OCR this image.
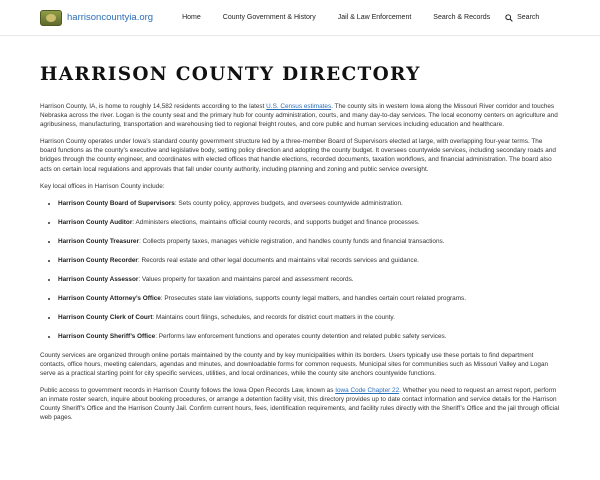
harrisoncountyia.org	Home	County Government & History	Jail & Law Enforcement	Search & Records	Search
HARRISON COUNTY DIRECTORY

Harrison County, IA, is home to roughly 14,582 residents according to the latest U.S. Census estimates. The county sits in western Iowa along the Missouri River corridor and touches Nebraska across the river. Logan is the county seat and the primary hub for county administration, courts, and many day-to-day services. The local economy centers on agriculture and agribusiness, manufacturing, transportation and warehousing tied to regional freight routes, and core public and human services including education and healthcare.

Harrison County operates under Iowa’s standard county government structure led by a three-member Board of Supervisors elected at large, with overlapping four-year terms. The board functions as the county’s executive and legislative body, setting policy direction and adopting the county budget. It oversees countywide services, including secondary roads and bridges through the county engineer, and coordinates with elected offices that handle elections, recorded documents, taxation workflows, and financial administration. The board also acts on certain local regulations and approvals that fall under county authority, including planning and zoning and public service oversight.

Key local offices in Harrison County include:

• Harrison County Board of Supervisors: Sets county policy, approves budgets, and oversees countywide administration.
• Harrison County Auditor: Administers elections, maintains official county records, and supports budget and finance processes.
• Harrison County Treasurer: Collects property taxes, manages vehicle registration, and handles county funds and financial transactions.
• Harrison County Recorder: Records real estate and other legal documents and maintains vital records services and guidance.
• Harrison County Assessor: Values property for taxation and maintains parcel and assessment records.
• Harrison County Attorney’s Office: Prosecutes state law violations, supports county legal matters, and handles certain court related programs.
• Harrison County Clerk of Court: Maintains court filings, schedules, and records for district court matters in the county.
• Harrison County Sheriff’s Office: Performs law enforcement functions and operates county detention and related public safety services.

County services are organized through online portals maintained by the county and by key municipalities within its borders. Users typically use these portals to find department contacts, office hours, meeting calendars, agendas and minutes, and downloadable forms for common requests. Municipal sites for communities such as Missouri Valley and Logan serve as a practical starting point for city specific services, utilities, and local ordinances, while the county site anchors countywide functions.

Public access to government records in Harrison County follows the Iowa Open Records Law, known as Iowa Code Chapter 22. Whether you need to request an arrest report, perform an inmate roster search, inquire about booking procedures, or arrange a detention facility visit, this directory provides up to date contact information and service details for the Harrison County Sheriff’s Office and the Harrison County Jail. Confirm current hours, fees, identification requirements, and facility rules directly with the Sheriff’s Office and the jail through official web pages.
